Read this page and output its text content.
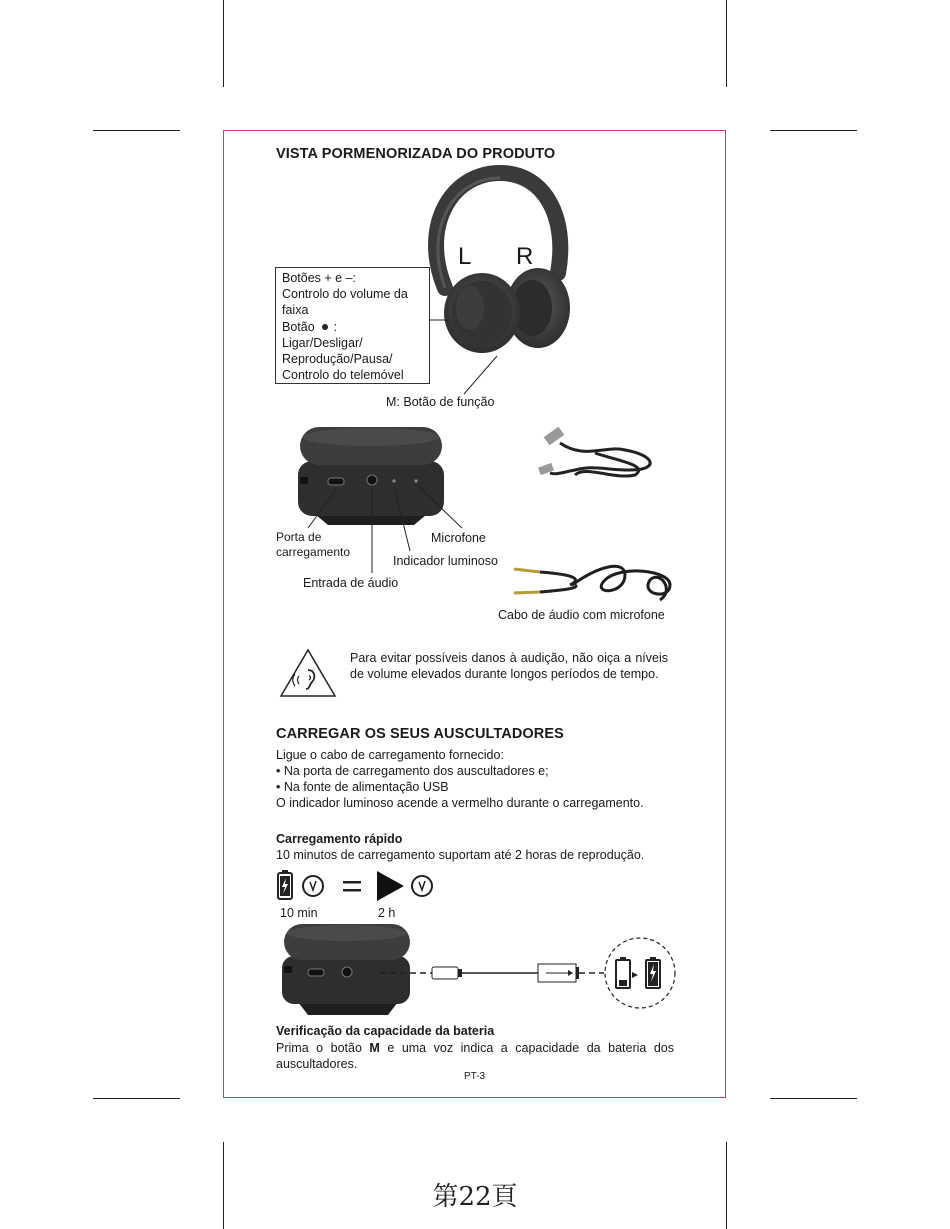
VISTA PORMENORIZADA DO PRODUTO
L R
Botões + e –:
Controlo do volume da
faixa
Botão :
Ligar/Desligar/
Reprodução/Pausa/
Controlo do telemóvel
M: Botão de função
Porta de
carregamento
Microfone
Indicador luminoso
Entrada de áudio
Cabo de áudio com microfone
Para evitar possíveis danos à audição, não oiça a níveis de volume elevados durante longos períodos de tempo.
CARREGAR OS SEUS AUSCULTADORES
Ligue o cabo de carregamento fornecido:
• Na porta de carregamento dos auscultadores e;
• Na fonte de alimentação USB
O indicador luminoso acende a vermelho durante o carregamento.
Carregamento rápido
10 minutos de carregamento suportam até 2 horas de reprodução.
10 min	2 h
Verificação da capacidade da bateria
Prima o botão M e uma voz indica a capacidade da bateria dos auscultadores.
PT-3
第22頁
